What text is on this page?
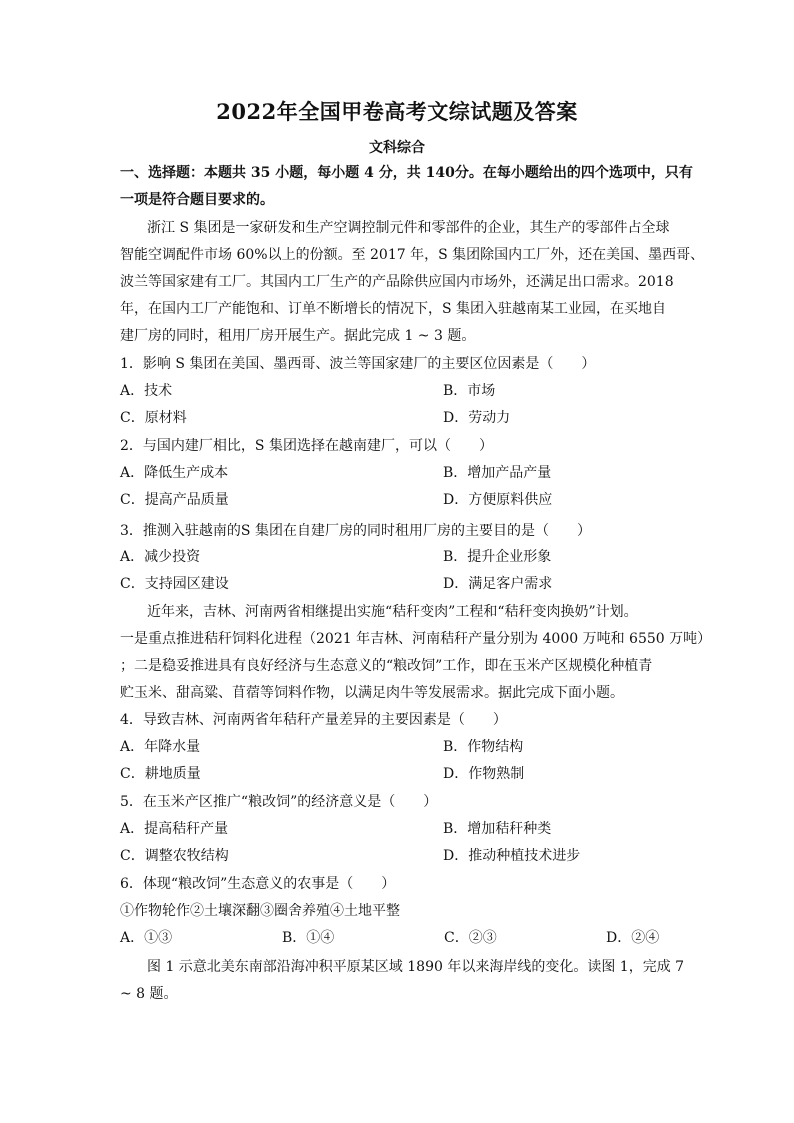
2022年全国甲卷高考文综试题及答案
文科综合
一、选择题：本题共 35 小题，每小题 4 分，共 140分。在每小题给出的四个选项中，只有
一项是符合题目要求的。
浙江 S 集团是一家研发和生产空调控制元件和零部件的企业，其生产的零部件占全球
智能空调配件市场 60%以上的份额。至 2017 年，S 集团除国内工厂外，还在美国、墨西哥、
波兰等国家建有工厂。其国内工厂生产的产品除供应国内市场外，还满足出口需求。2018
年，在国内工厂产能饱和、订单不断增长的情况下，S 集团入驻越南某工业园，在买地自
建厂房的同时，租用厂房开展生产。据此完成 1 ~ 3 题。
1．影响 S 集团在美国、墨西哥、波兰等国家建厂的主要区位因素是（　　）
A．技术	B．市场
C．原材料	D．劳动力
2．与国内建厂相比，S 集团选择在越南建厂，可以（　　）
A．降低生产成本	B．增加产品产量
C．提高产品质量	D．方便原料供应
3．推测入驻越南的S 集团在自建厂房的同时租用厂房的主要目的是（　　）
A．减少投资	B．提升企业形象
C．支持园区建设	D．满足客户需求
近年来，吉林、河南两省相继提出实施“秸秆变肉”工程和“秸秆变肉换奶”计划。
一是重点推进秸秆饲料化进程（2021 年吉林、河南秸秆产量分别为 4000 万吨和 6550 万吨）
；二是稳妥推进具有良好经济与生态意义的“粮改饲”工作，即在玉米产区规模化种植青
贮玉米、甜高粱、苜蓿等饲料作物，以满足肉牛等发展需求。据此完成下面小题。
4．导致吉林、河南两省年秸秆产量差异的主要因素是（　　）
A．年降水量	B．作物结构
C．耕地质量	D．作物熟制
5．在玉米产区推广“粮改饲”的经济意义是（　　）
A．提高秸秆产量	B．增加秸秆种类
C．调整农牧结构	D．推动种植技术进步
6．体现“粮改饲”生态意义的农事是（　　）
①作物轮作②土壤深翻③圈舍养殖④土地平整
A．①③	B．①④	C．②③	D．②④
图 1 示意北美东南部沿海冲积平原某区域 1890 年以来海岸线的变化。读图 1，完成 7
~ 8 题。
